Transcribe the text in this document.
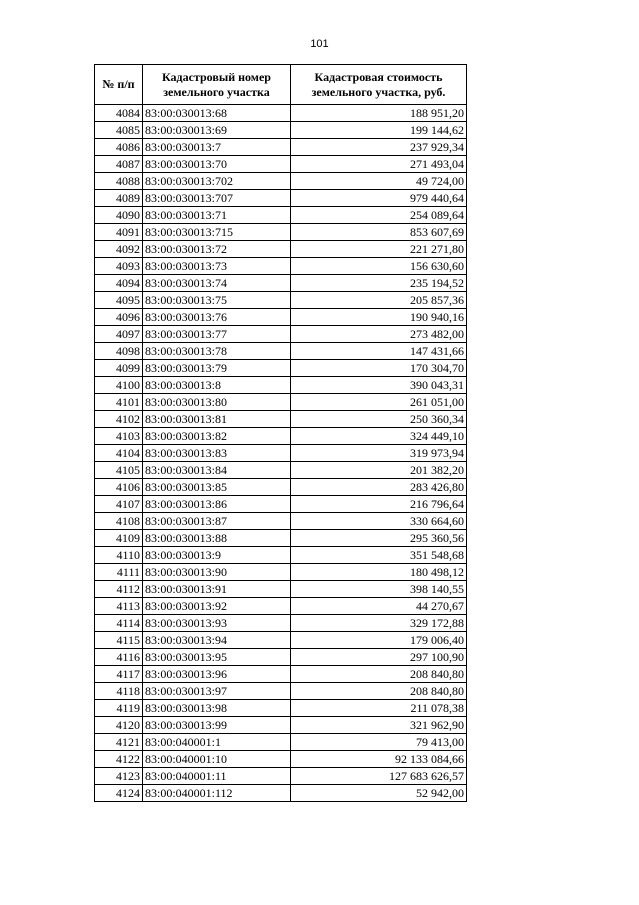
101
№ п/п	Кадастровый номер земельного участка	Кадастровая стоимость земельного участка, руб.
4084	83:00:030013:68	188 951,20
4085	83:00:030013:69	199 144,62
4086	83:00:030013:7	237 929,34
4087	83:00:030013:70	271 493,04
4088	83:00:030013:702	49 724,00
4089	83:00:030013:707	979 440,64
4090	83:00:030013:71	254 089,64
4091	83:00:030013:715	853 607,69
4092	83:00:030013:72	221 271,80
4093	83:00:030013:73	156 630,60
4094	83:00:030013:74	235 194,52
4095	83:00:030013:75	205 857,36
4096	83:00:030013:76	190 940,16
4097	83:00:030013:77	273 482,00
4098	83:00:030013:78	147 431,66
4099	83:00:030013:79	170 304,70
4100	83:00:030013:8	390 043,31
4101	83:00:030013:80	261 051,00
4102	83:00:030013:81	250 360,34
4103	83:00:030013:82	324 449,10
4104	83:00:030013:83	319 973,94
4105	83:00:030013:84	201 382,20
4106	83:00:030013:85	283 426,80
4107	83:00:030013:86	216 796,64
4108	83:00:030013:87	330 664,60
4109	83:00:030013:88	295 360,56
4110	83:00:030013:9	351 548,68
4111	83:00:030013:90	180 498,12
4112	83:00:030013:91	398 140,55
4113	83:00:030013:92	44 270,67
4114	83:00:030013:93	329 172,88
4115	83:00:030013:94	179 006,40
4116	83:00:030013:95	297 100,90
4117	83:00:030013:96	208 840,80
4118	83:00:030013:97	208 840,80
4119	83:00:030013:98	211 078,38
4120	83:00:030013:99	321 962,90
4121	83:00:040001:1	79 413,00
4122	83:00:040001:10	92 133 084,66
4123	83:00:040001:11	127 683 626,57
4124	83:00:040001:112	52 942,00
